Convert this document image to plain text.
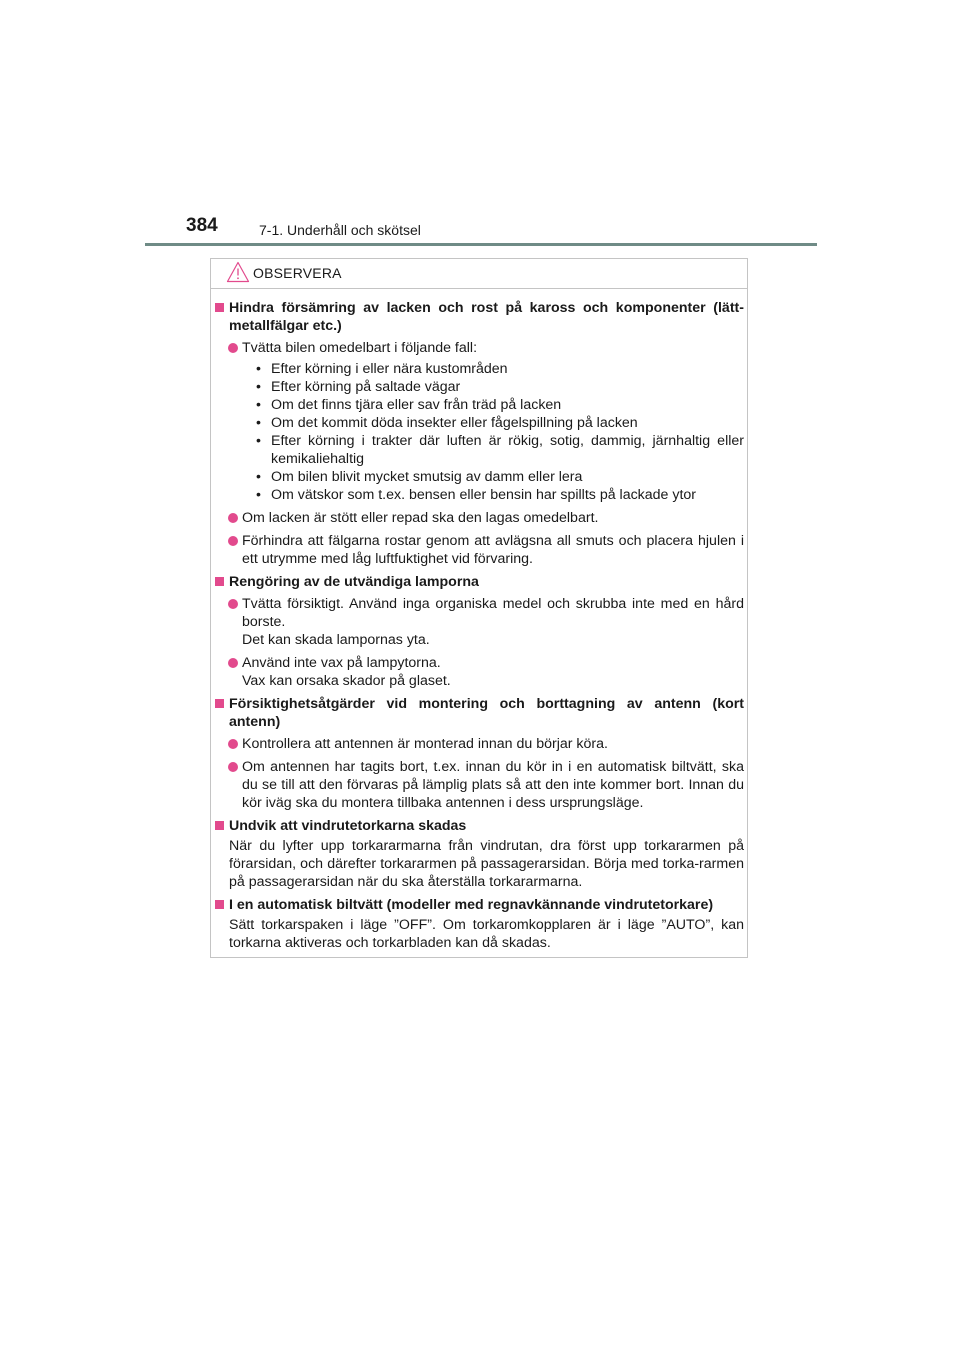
384	7-1. Underhåll och skötsel
OBSERVERA
Hindra försämring av lacken och rost på kaross och komponenter (lätt-metallfälgar etc.)
Tvätta bilen omedelbart i följande fall:
• Efter körning i eller nära kustområden
• Efter körning på saltade vägar
• Om det finns tjära eller sav från träd på lacken
• Om det kommit döda insekter eller fågelspillning på lacken
• Efter körning i trakter där luften är rökig, sotig, dammig, järnhaltig eller kemikaliehaltig
• Om bilen blivit mycket smutsig av damm eller lera
• Om vätskor som t.ex. bensen eller bensin har spillts på lackade ytor
Om lacken är stött eller repad ska den lagas omedelbart.
Förhindra att fälgarna rostar genom att avlägsna all smuts och placera hjulen i ett utrymme med låg luftfuktighet vid förvaring.
Rengöring av de utvändiga lamporna
Tvätta försiktigt. Använd inga organiska medel och skrubba inte med en hård borste.
Det kan skada lampornas yta.
Använd inte vax på lampytorna.
Vax kan orsaka skador på glaset.
Försiktighetsåtgärder vid montering och borttagning av antenn (kort antenn)
Kontrollera att antennen är monterad innan du börjar köra.
Om antennen har tagits bort, t.ex. innan du kör in i en automatisk biltvätt, ska du se till att den förvaras på lämplig plats så att den inte kommer bort. Innan du kör iväg ska du montera tillbaka antennen i dess ursprungsläge.
Undvik att vindrutetorkarna skadas
När du lyfter upp torkararmarna från vindrutan, dra först upp torkararmen på förarsidan, och därefter torkararmen på passagerarsidan. Börja med torka-rarmen på passagerarsidan när du ska återställa torkararmarna.
I en automatisk biltvätt (modeller med regnavkännande vindrutetorkare)
Sätt torkarspaken i läge ”OFF”. Om torkaromkopplaren är i läge ”AUTO”, kan torkarna aktiveras och torkarbladen kan då skadas.
